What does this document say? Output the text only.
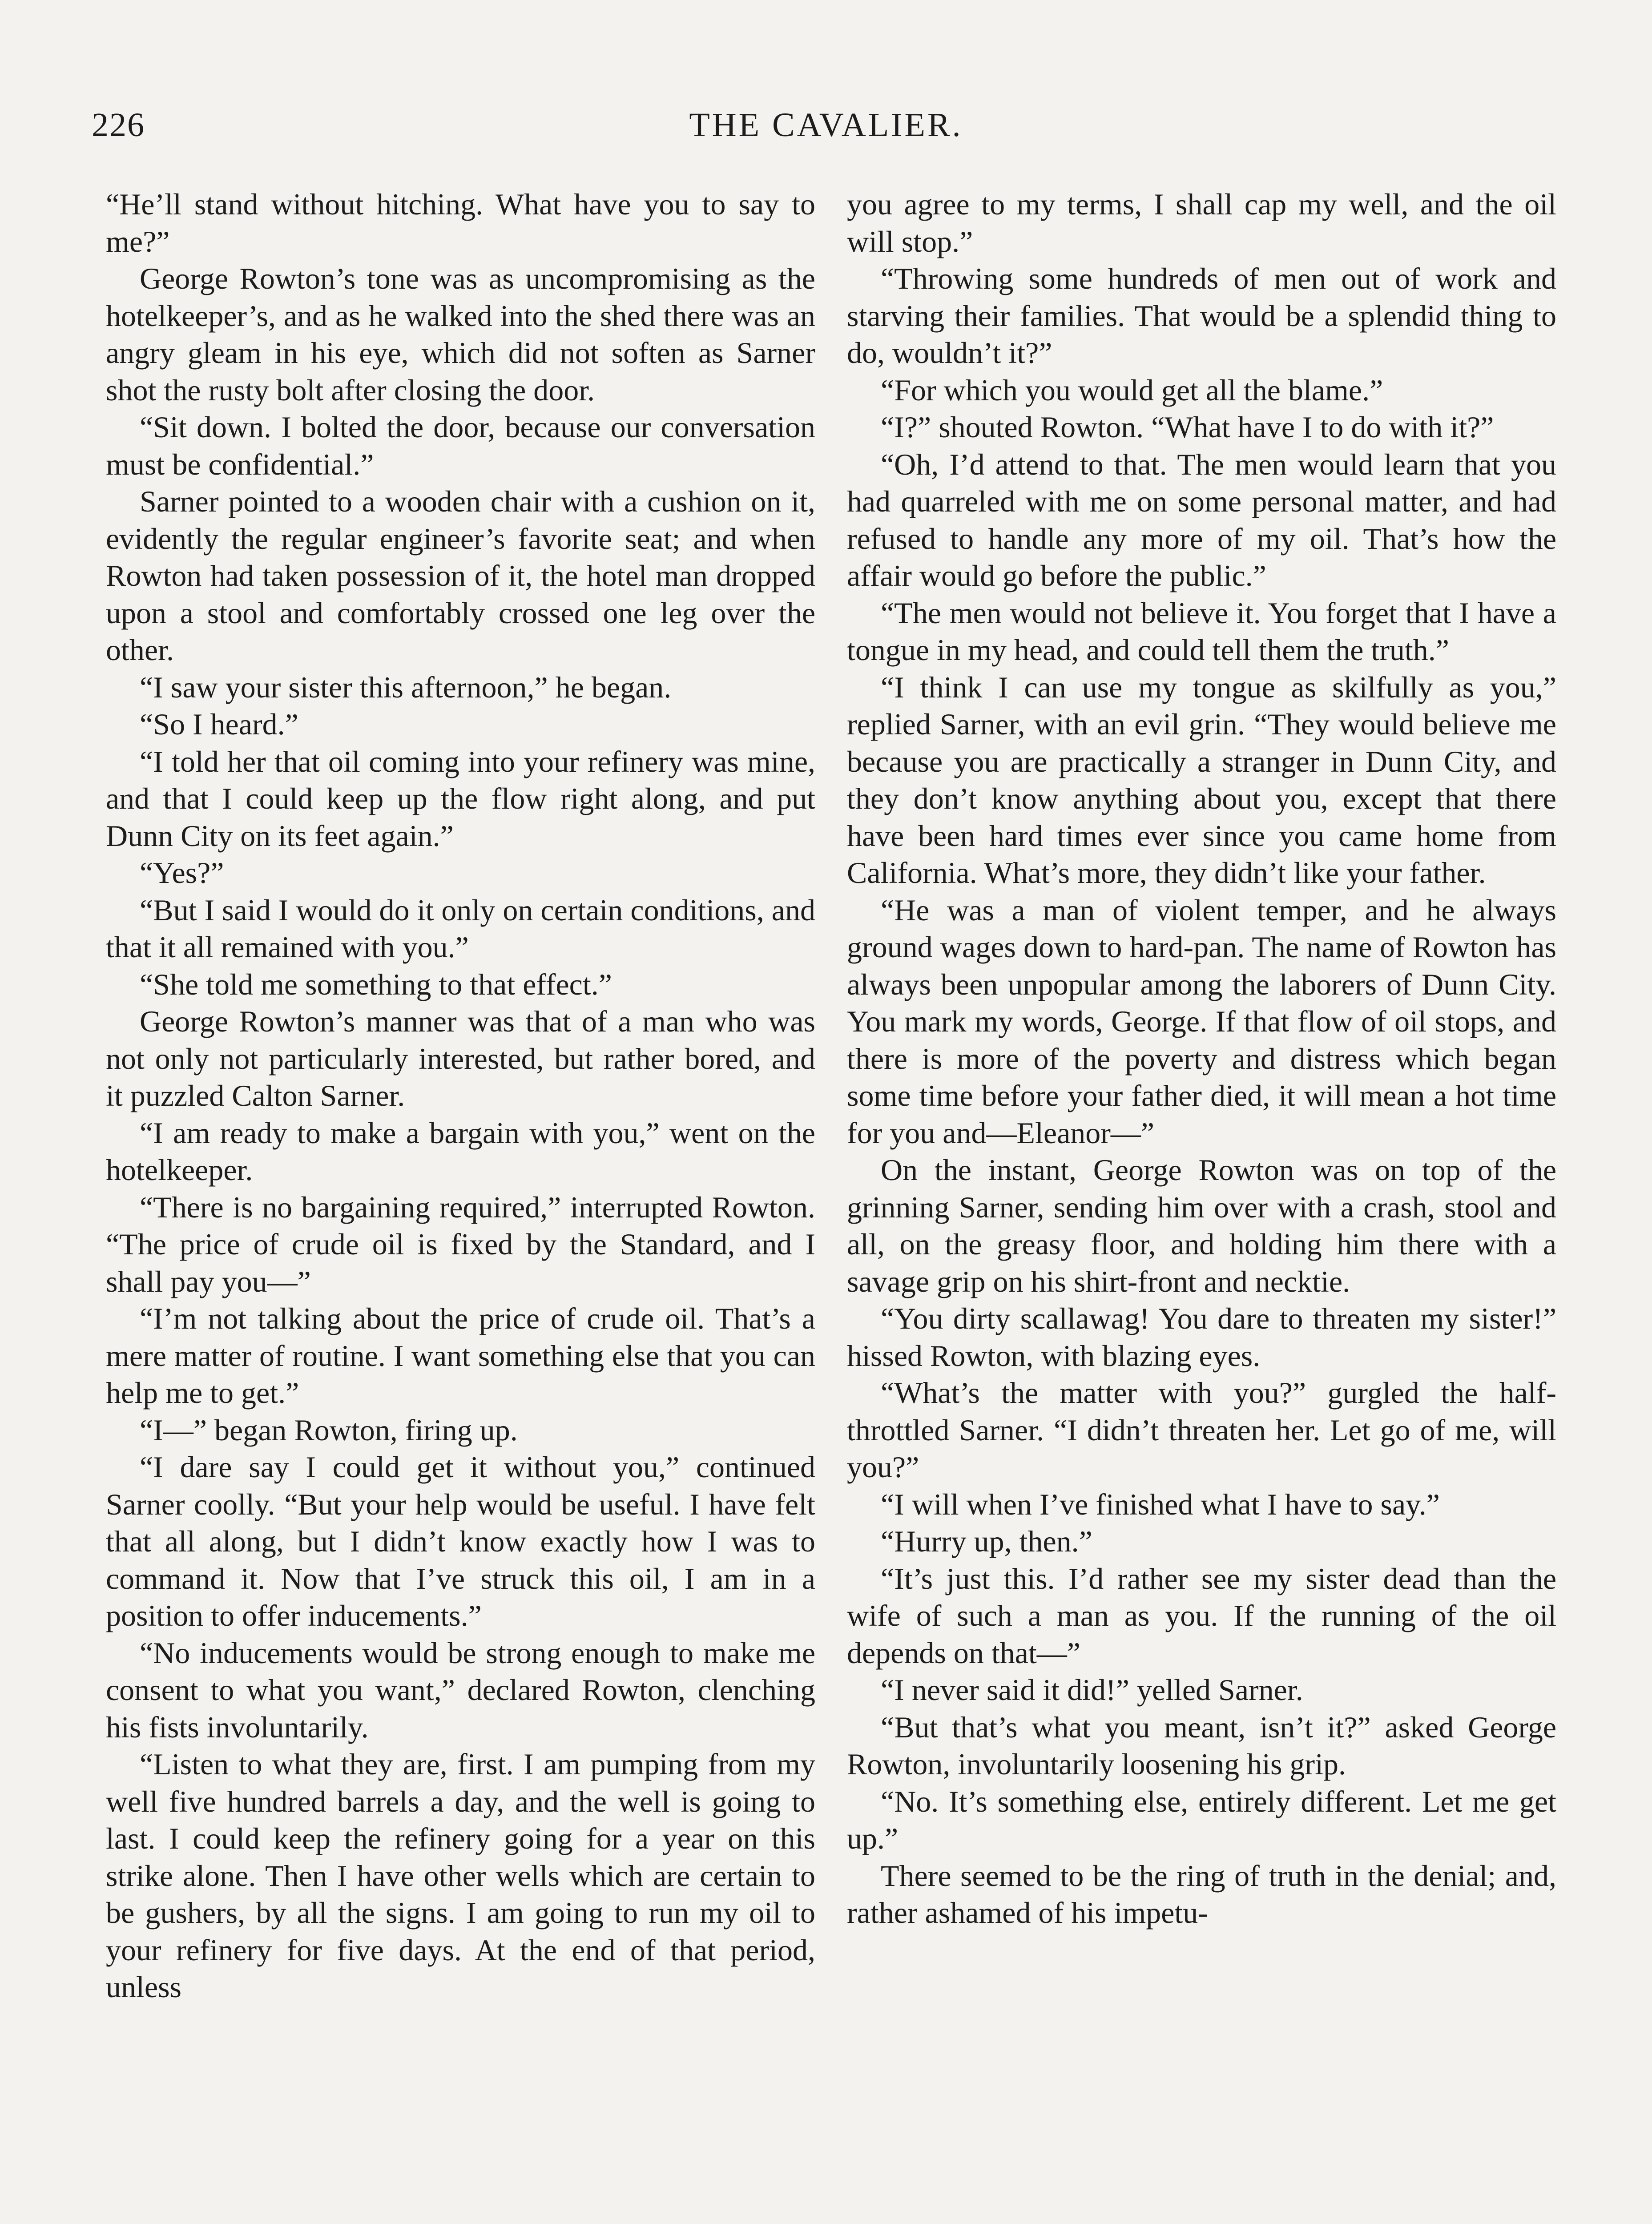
226	THE CAVALIER.

“He’ll stand without hitching. What have you to say to me?”

George Rowton’s tone was as uncompromising as the hotelkeeper’s, and as he walked into the shed there was an angry gleam in his eye, which did not soften as Sarner shot the rusty bolt after closing the door.

“Sit down. I bolted the door, because our conversation must be confidential.”

Sarner pointed to a wooden chair with a cushion on it, evidently the regular engineer’s favorite seat; and when Rowton had taken possession of it, the hotel man dropped upon a stool and comfortably crossed one leg over the other.

“I saw your sister this afternoon,” he began.

“So I heard.”

“I told her that oil coming into your refinery was mine, and that I could keep up the flow right along, and put Dunn City on its feet again.”

“Yes?”

“But I said I would do it only on certain conditions, and that it all remained with you.”

“She told me something to that effect.”

George Rowton’s manner was that of a man who was not only not particularly interested, but rather bored, and it puzzled Calton Sarner.

“I am ready to make a bargain with you,” went on the hotelkeeper.

“There is no bargaining required,” interrupted Rowton. “The price of crude oil is fixed by the Standard, and I shall pay you—”

“I’m not talking about the price of crude oil. That’s a mere matter of routine. I want something else that you can help me to get.”

“I—” began Rowton, firing up.

“I dare say I could get it without you,” continued Sarner coolly. “But your help would be useful. I have felt that all along, but I didn’t know exactly how I was to command it. Now that I’ve struck this oil, I am in a position to offer inducements.”

“No inducements would be strong enough to make me consent to what you want,” declared Rowton, clenching his fists involuntarily.

“Listen to what they are, first. I am pumping from my well five hundred barrels a day, and the well is going to last. I could keep the refinery going for a year on this strike alone. Then I have other wells which are certain to be gushers, by all the signs. I am going to run my oil to your refinery for five days. At the end of that period, unless

you agree to my terms, I shall cap my well, and the oil will stop.”

“Throwing some hundreds of men out of work and starving their families. That would be a splendid thing to do, wouldn’t it?”

“For which you would get all the blame.”

“I?” shouted Rowton. “What have I to do with it?”

“Oh, I’d attend to that. The men would learn that you had quarreled with me on some personal matter, and had refused to handle any more of my oil. That’s how the affair would go before the public.”

“The men would not believe it. You forget that I have a tongue in my head, and could tell them the truth.”

“I think I can use my tongue as skilfully as you,” replied Sarner, with an evil grin. “They would believe me because you are practically a stranger in Dunn City, and they don’t know anything about you, except that there have been hard times ever since you came home from California. What’s more, they didn’t like your father.

“He was a man of violent temper, and he always ground wages down to hard-pan. The name of Rowton has always been unpopular among the laborers of Dunn City. You mark my words, George. If that flow of oil stops, and there is more of the poverty and distress which began some time before your father died, it will mean a hot time for you and—Eleanor—”

On the instant, George Rowton was on top of the grinning Sarner, sending him over with a crash, stool and all, on the greasy floor, and holding him there with a savage grip on his shirt-front and necktie.

“You dirty scallawag! You dare to threaten my sister!” hissed Rowton, with blazing eyes.

“What’s the matter with you?” gurgled the half-throttled Sarner. “I didn’t threaten her. Let go of me, will you?”

“I will when I’ve finished what I have to say.”

“Hurry up, then.”

“It’s just this. I’d rather see my sister dead than the wife of such a man as you. If the running of the oil depends on that—”

“I never said it did!” yelled Sarner.

“But that’s what you meant, isn’t it?” asked George Rowton, involuntarily loosening his grip.

“No. It’s something else, entirely different. Let me get up.”

There seemed to be the ring of truth in the denial; and, rather ashamed of his impetu-
